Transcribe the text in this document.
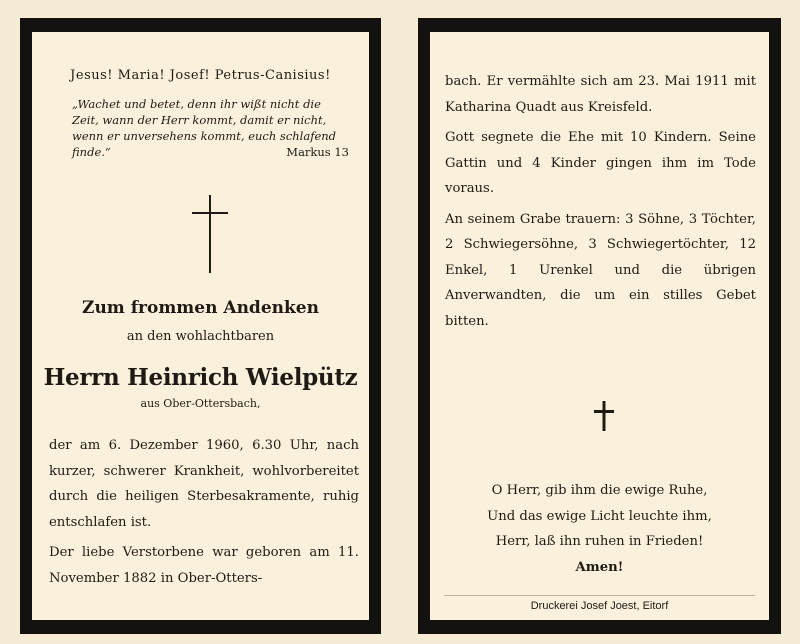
Jesus! Maria! Josef! Petrus-Canisius!
„Wachet und betet, denn ihr wißt nicht die Zeit, wann der Herr kommt, damit er nicht, wenn er unversehens kommt, euch schlafend finde.“	Markus 13
Zum frommen Andenken
an den wohlachtbaren
Herrn Heinrich Wielpütz
aus Ober-Ottersbach,

der am 6. Dezember 1960, 6.30 Uhr, nach kurzer, schwerer Krankheit, wohlvorbereitet durch die heiligen Sterbesakramente, ruhig entschlafen ist.

Der liebe Verstorbene war geboren am 11. November 1882 in Ober-Otters-

bach. Er vermählte sich am 23. Mai 1911 mit Katharina Quadt aus Kreisfeld.

Gott segnete die Ehe mit 10 Kindern. Seine Gattin und 4 Kinder gingen ihm im Tode voraus.

An seinem Grabe trauern: 3 Söhne, 3 Töchter, 2 Schwiegersöhne, 3 Schwiegertöchter, 12 Enkel, 1 Urenkel und die übrigen Anverwandten, die um ein stilles Gebet bitten.

O Herr, gib ihm die ewige Ruhe,
Und das ewige Licht leuchte ihm,
Herr, laß ihn ruhen in Frieden!
Amen!
Druckerei Josef Joest, Eitorf
